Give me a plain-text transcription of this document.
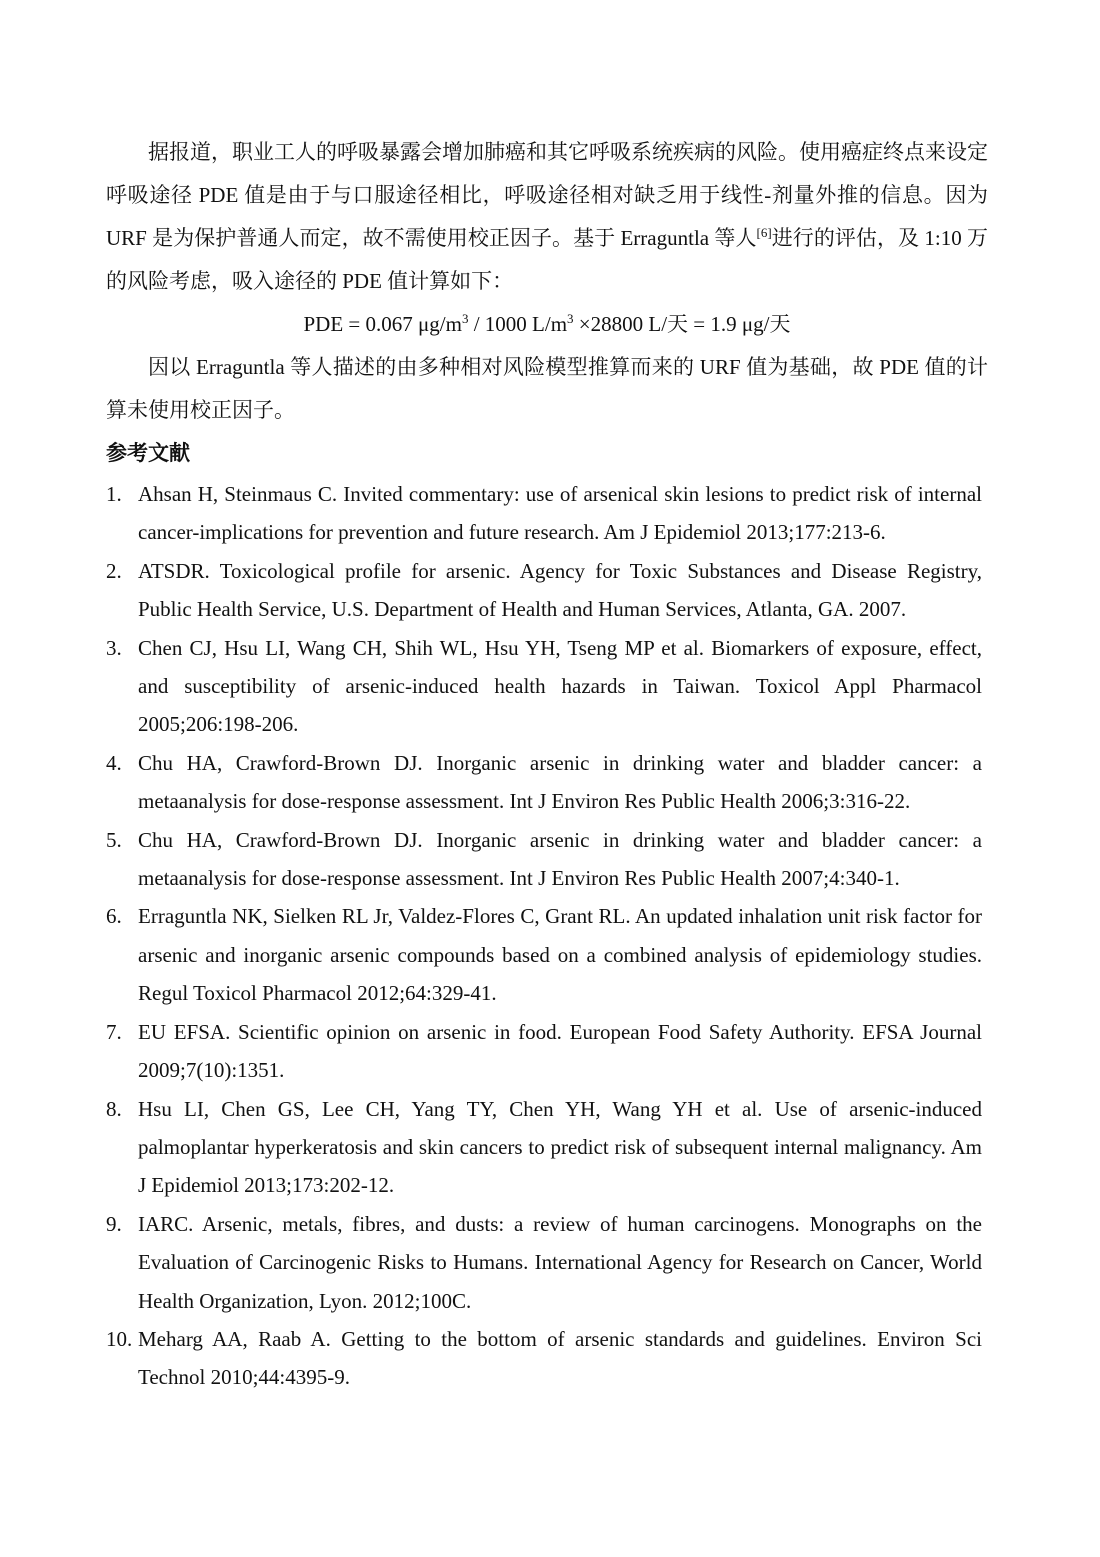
据报道，职业工人的呼吸暴露会增加肺癌和其它呼吸系统疾病的风险。使用癌症终点来设定呼吸途径 PDE 值是由于与口服途径相比，呼吸途径相对缺乏用于线性-剂量外推的信息。因为 URF 是为保护普通人而定，故不需使用校正因子。基于 Erraguntla 等人[6]进行的评估，及 1:10 万的风险考虑，吸入途径的 PDE 值计算如下：

PDE = 0.067 $\mu g/m^3 / 1000$ $L/m^3 \times 28800$ L/天 = 1.9 μg/天

因以 Erraguntla 等人描述的由多种相对风险模型推算而来的 URF 值为基础，故 PDE 值的计算未使用校正因子。

参考文献

1. Ahsan H, Steinmaus C. Invited commentary: use of arsenical skin lesions to predict risk of internal cancer-implications for prevention and future research. Am J Epidemiol 2013;177:213-6.
2. ATSDR. Toxicological profile for arsenic. Agency for Toxic Substances and Disease Registry, Public Health Service, U.S. Department of Health and Human Services, Atlanta, GA. 2007.
3. Chen CJ, Hsu LI, Wang CH, Shih WL, Hsu YH, Tseng MP et al. Biomarkers of exposure, effect, and susceptibility of arsenic-induced health hazards in Taiwan. Toxicol Appl Pharmacol 2005;206:198-206.
4. Chu HA, Crawford-Brown DJ. Inorganic arsenic in drinking water and bladder cancer: a metaanalysis for dose-response assessment. Int J Environ Res Public Health 2006;3:316-22.
5. Chu HA, Crawford-Brown DJ. Inorganic arsenic in drinking water and bladder cancer: a metaanalysis for dose-response assessment. Int J Environ Res Public Health 2007;4:340-1.
6. Erraguntla NK, Sielken RL Jr, Valdez-Flores C, Grant RL. An updated inhalation unit risk factor for arsenic and inorganic arsenic compounds based on a combined analysis of epidemiology studies. Regul Toxicol Pharmacol 2012;64:329-41.
7. EU EFSA. Scientific opinion on arsenic in food. European Food Safety Authority. EFSA Journal 2009;7(10):1351.
8. Hsu LI, Chen GS, Lee CH, Yang TY, Chen YH, Wang YH et al. Use of arsenic-induced palmoplantar hyperkeratosis and skin cancers to predict risk of subsequent internal malignancy. Am J Epidemiol 2013;173:202-12.
9. IARC. Arsenic, metals, fibres, and dusts: a review of human carcinogens. Monographs on the Evaluation of Carcinogenic Risks to Humans. International Agency for Research on Cancer, World Health Organization, Lyon. 2012;100C.
10. Meharg AA, Raab A. Getting to the bottom of arsenic standards and guidelines. Environ Sci Technol 2010;44:4395-9.
